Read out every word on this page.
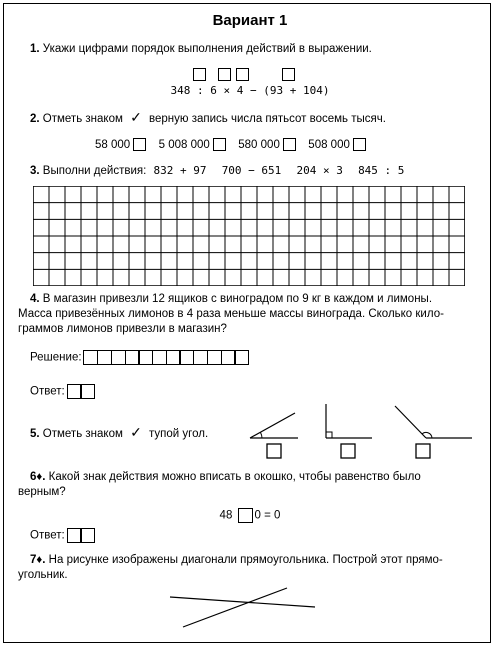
Вариант 1
1. Укажи цифрами порядок выполнения действий в выражении.
348 : 6 × 4 − (93 + 104)
2. Отметь знаком ✓ верную запись числа пятьсот восемь тысяч.
58 000 5 008 000 580 000 508 000
3. Выполни действия: 832 + 97 700 − 651 204 × 3 845 : 5
4. В магазин привезли 12 ящиков с виноградом по 9 кг в каждом и лимоны.
Масса привезённых лимонов в 4 раза меньше массы винограда. Сколько кило-
граммов лимонов привезли в магазин?
Решение:
Ответ:
5. Отметь знаком ✓ тупой угол.
6♦. Какой знак действия можно вписать в окошко, чтобы равенство было
верным?
48 0 = 0
Ответ:
7♦. На рисунке изображены диагонали прямоугольника. Построй этот прямо-
угольник.
